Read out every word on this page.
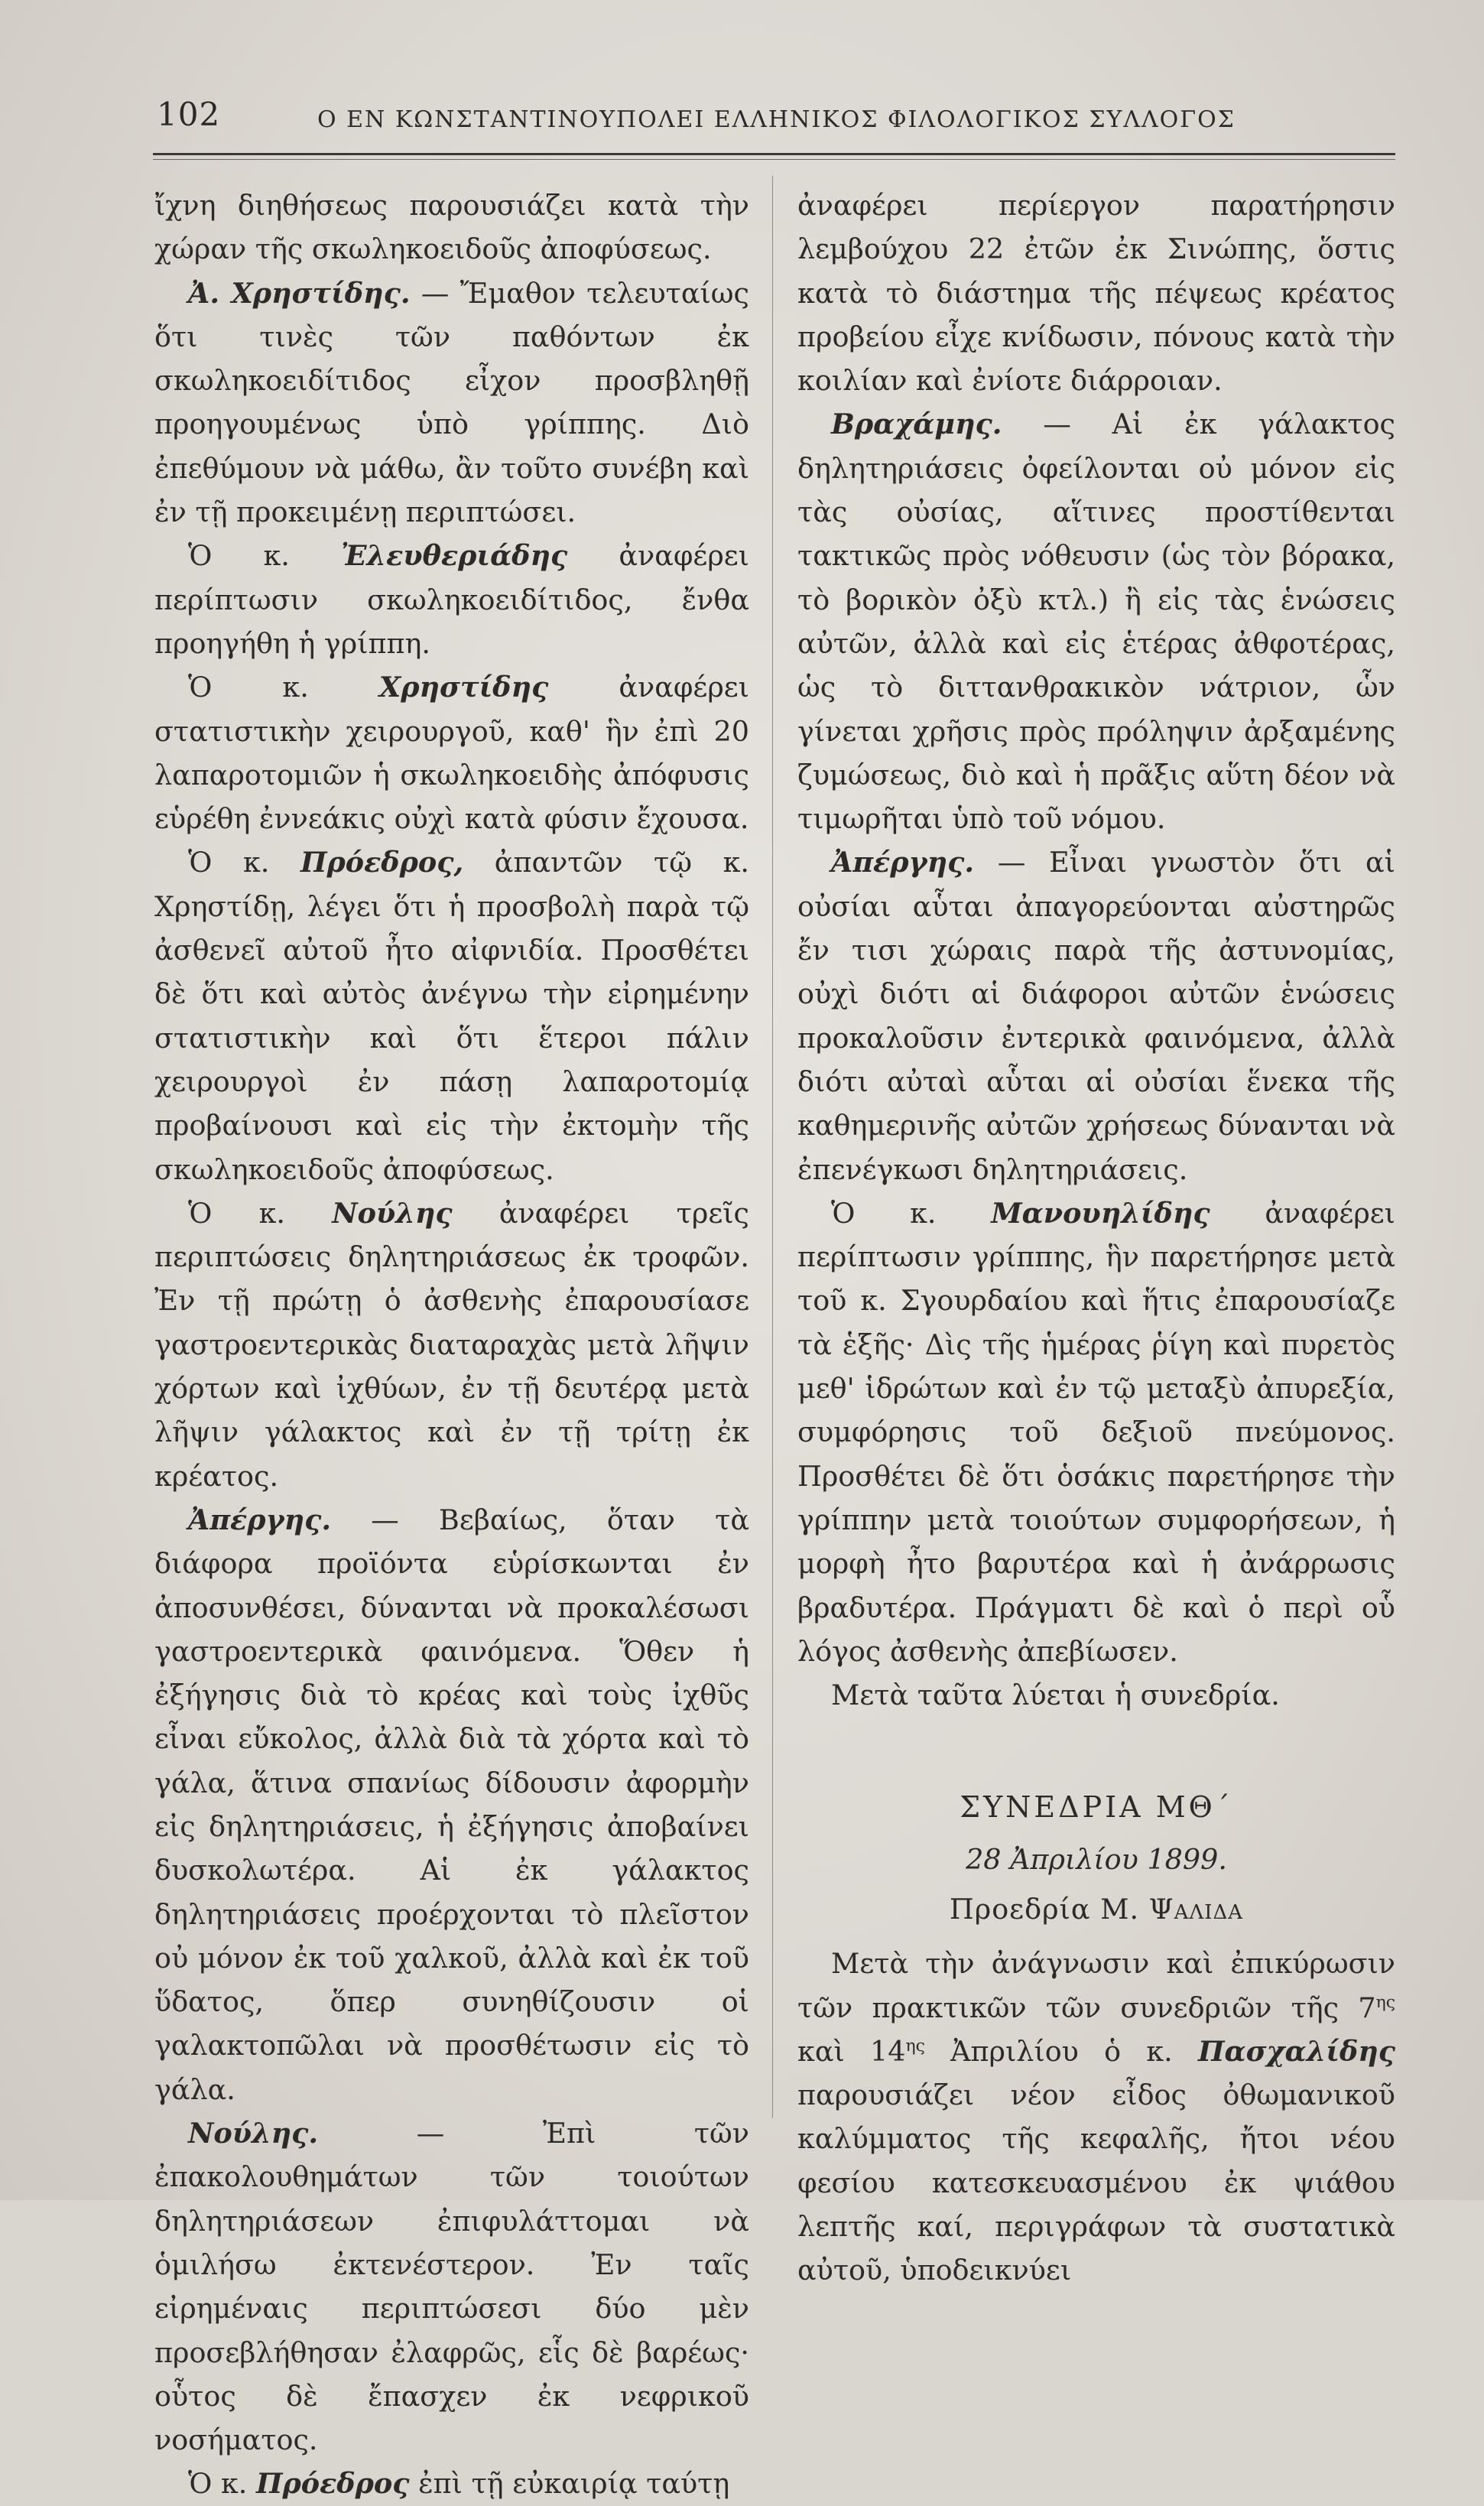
102	Ο ΕΝ ΚΩΝΣΤΑΝΤΙΝΟΥΠΟΛΕΙ ΕΛΛΗΝΙΚΟΣ ΦΙΛΟΛΟΓΙΚΟΣ ΣΥΛΛΟΓΟΣ

ἴχνη διηθήσεως παρουσιάζει κατὰ τὴν χώραν τῆς σκωληκοειδοῦς ἀποφύσεως.

Ἀ. Χρηστίδης. — Ἔμαθον τελευταίως ὅτι τινὲς τῶν παθόντων ἐκ σκωληκοειδίτιδος εἶχον προσβληθῇ προηγουμένως ὑπὸ γρίππης. Διὸ ἐπεθύμουν νὰ μάθω, ἂν τοῦτο συνέβη καὶ ἐν τῇ προκειμένῃ περιπτώσει.

Ὁ κ. Ἐλευθεριάδης ἀναφέρει περίπτωσιν σκωληκοειδίτιδος, ἔνθα προηγήθη ἡ γρίππη.

Ὁ κ. Χρηστίδης ἀναφέρει στατιστικὴν χειρουργοῦ, καθ' ἣν ἐπὶ 20 λαπαροτομιῶν ἡ σκωληκοειδὴς ἀπόφυσις εὑρέθη ἐννεάκις οὐχὶ κατὰ φύσιν ἔχουσα.

Ὁ κ. Πρόεδρος, ἀπαντῶν τῷ κ. Χρηστίδῃ, λέγει ὅτι ἡ προσβολὴ παρὰ τῷ ἀσθενεῖ αὐτοῦ ἦτο αἰφνιδία. Προσθέτει δὲ ὅτι καὶ αὐτὸς ἀνέγνω τὴν εἰρημένην στατιστικὴν καὶ ὅτι ἕτεροι πάλιν χειρουργοὶ ἐν πάσῃ λαπαροτομίᾳ προβαίνουσι καὶ εἰς τὴν ἐκτομὴν τῆς σκωληκοειδοῦς ἀποφύσεως.

Ὁ κ. Νούλης ἀναφέρει τρεῖς περιπτώσεις δηλητηριάσεως ἐκ τροφῶν. Ἐν τῇ πρώτῃ ὁ ἀσθενὴς ἐπαρουσίασε γαστροεντερικὰς διαταραχὰς μετὰ λῆψιν χόρτων καὶ ἰχθύων, ἐν τῇ δευτέρᾳ μετὰ λῆψιν γάλακτος καὶ ἐν τῇ τρίτῃ ἐκ κρέατος.

Ἀπέργης. — Βεβαίως, ὅταν τὰ διάφορα προϊόντα εὑρίσκωνται ἐν ἀποσυνθέσει, δύνανται νὰ προκαλέσωσι γαστροεντερικὰ φαινόμενα. Ὅθεν ἡ ἐξήγησις διὰ τὸ κρέας καὶ τοὺς ἰχθῦς εἶναι εὔκολος, ἀλλὰ διὰ τὰ χόρτα καὶ τὸ γάλα, ἅτινα σπανίως δίδουσιν ἀφορμὴν εἰς δηλητηριάσεις, ἡ ἐξήγησις ἀποβαίνει δυσκολωτέρα. Αἱ ἐκ γάλακτος δηλητηριάσεις προέρχονται τὸ πλεῖστον οὐ μόνον ἐκ τοῦ χαλκοῦ, ἀλλὰ καὶ ἐκ τοῦ ὕδατος, ὅπερ συνηθίζουσιν οἱ γαλακτοπῶλαι νὰ προσθέτωσιν εἰς τὸ γάλα.

Νούλης. — Ἐπὶ τῶν ἐπακολουθημάτων τῶν τοιούτων δηλητηριάσεων ἐπιφυλάττομαι νὰ ὁμιλήσω ἐκτενέστερον. Ἐν ταῖς εἰρημέναις περιπτώσεσι δύο μὲν προσεβλήθησαν ἐλαφρῶς, εἷς δὲ βαρέως· οὗτος δὲ ἔπασχεν ἐκ νεφρικοῦ νοσήματος.

Ὁ κ. Πρόεδρος ἐπὶ τῇ εὐκαιρίᾳ ταύτῃ

ἀναφέρει περίεργον παρατήρησιν λεμβούχου 22 ἐτῶν ἐκ Σινώπης, ὅστις κατὰ τὸ διάστημα τῆς πέψεως κρέατος προβείου εἶχε κνίδωσιν, πόνους κατὰ τὴν κοιλίαν καὶ ἐνίοτε διάρροιαν.

Βραχάμης. — Αἱ ἐκ γάλακτος δηλητηριάσεις ὀφείλονται οὐ μόνον εἰς τὰς οὐσίας, αἵτινες προστίθενται τακτικῶς πρὸς νόθευσιν (ὡς τὸν βόρακα, τὸ βορικὸν ὀξὺ κτλ.) ἢ εἰς τὰς ἑνώσεις αὐτῶν, ἀλλὰ καὶ εἰς ἑτέρας ἀθφοτέρας, ὡς τὸ διττανθρακικὸν νάτριον, ὧν γίνεται χρῆσις πρὸς πρόληψιν ἀρξαμένης ζυμώσεως, διὸ καὶ ἡ πρᾶξις αὕτη δέον νὰ τιμωρῆται ὑπὸ τοῦ νόμου.

Ἀπέργης. — Εἶναι γνωστὸν ὅτι αἱ οὐσίαι αὗται ἀπαγορεύονται αὐστηρῶς ἔν τισι χώραις παρὰ τῆς ἀστυνομίας, οὐχὶ διότι αἱ διάφοροι αὐτῶν ἑνώσεις προκαλοῦσιν ἐντερικὰ φαινόμενα, ἀλλὰ διότι αὐταὶ αὗται αἱ οὐσίαι ἕνεκα τῆς καθημερινῆς αὐτῶν χρήσεως δύνανται νὰ ἐπενέγκωσι δηλητηριάσεις.

Ὁ κ. Μανουηλίδης ἀναφέρει περίπτωσιν γρίππης, ἣν παρετήρησε μετὰ τοῦ κ. Σγουρδαίου καὶ ἥτις ἐπαρουσίαζε τὰ ἑξῆς· Δὶς τῆς ἡμέρας ῥίγη καὶ πυρετὸς μεθ' ἱδρώτων καὶ ἐν τῷ μεταξὺ ἀπυρεξία, συμφόρησις τοῦ δεξιοῦ πνεύμονος. Προσθέτει δὲ ὅτι ὁσάκις παρετήρησε τὴν γρίππην μετὰ τοιούτων συμφορήσεων, ἡ μορφὴ ἦτο βαρυτέρα καὶ ἡ ἀνάρρωσις βραδυτέρα. Πράγματι δὲ καὶ ὁ περὶ οὗ λόγος ἀσθενὴς ἀπεβίωσεν.

Μετὰ ταῦτα λύεται ἡ συνεδρία.

ΣΥΝΕΔΡΙΑ ΜΘ΄

28 Ἀπριλίου 1899.

Προεδρία Μ. Ψαλιδα

Μετὰ τὴν ἀνάγνωσιν καὶ ἐπικύρωσιν τῶν πρακτικῶν τῶν συνεδριῶν τῆς $7^{\eta\varsigma}$ καὶ $14^{\eta\varsigma}$ Ἀπριλίου ὁ κ. Πασχαλίδης παρουσιάζει νέον εἶδος ὀθωμανικοῦ καλύμματος τῆς κεφαλῆς, ἤτοι νέου φεσίου κατεσκευασμένου ἐκ ψιάθου λεπτῆς καί, περιγράφων τὰ συστατικὰ αὐτοῦ, ὑποδεικνύει
